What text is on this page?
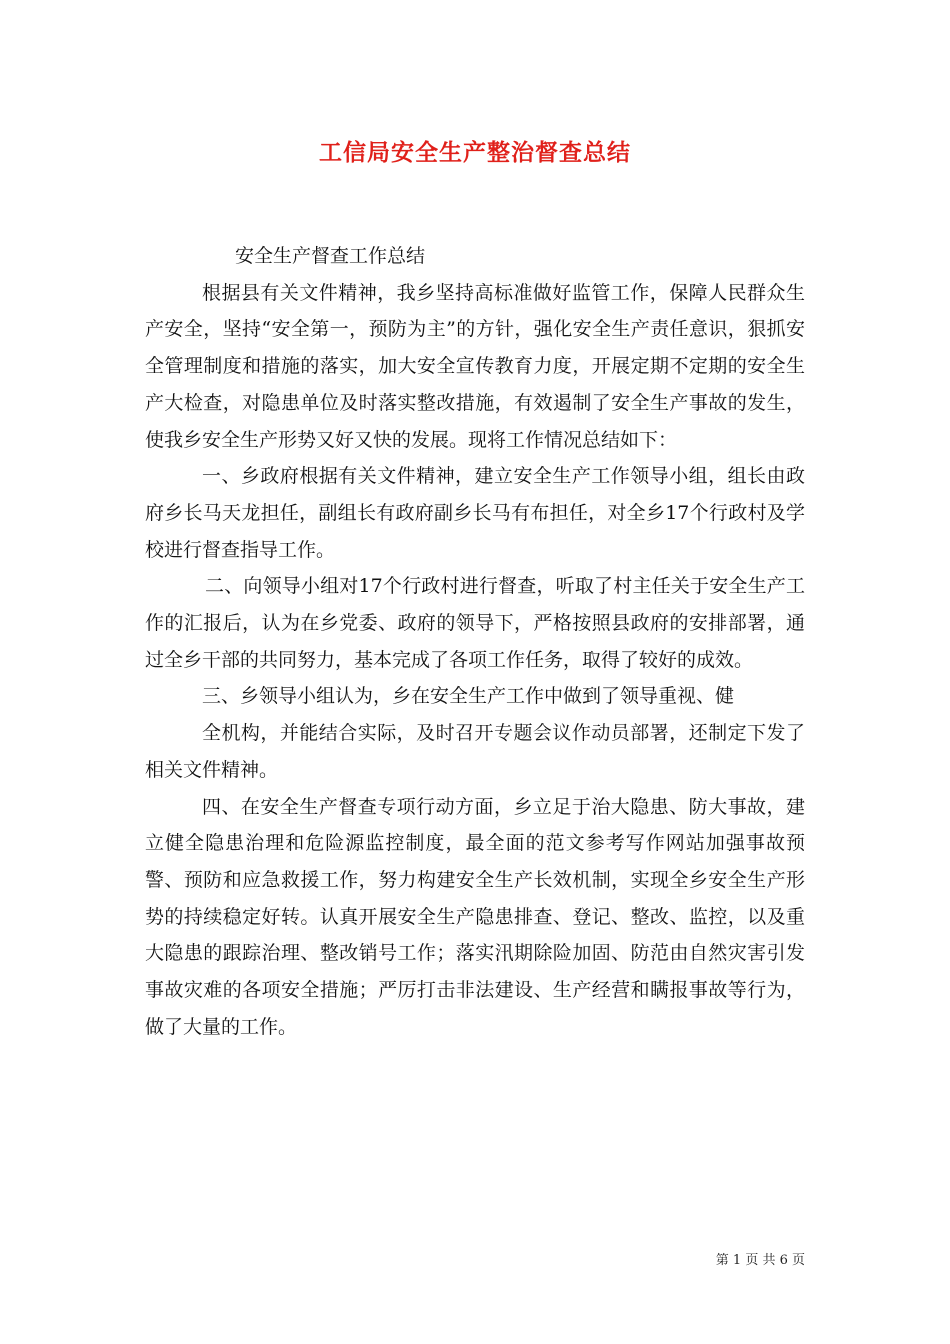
工信局安全生产整治督查总结

安全生产督查工作总结

根据县有关文件精神，我乡坚持高标准做好监管工作，保障人民群众生产安全，坚持“安全第一，预防为主”的方针，强化安全生产责任意识，狠抓安全管理制度和措施的落实，加大安全宣传教育力度，开展定期不定期的安全生产大检查，对隐患单位及时落实整改措施，有效遏制了安全生产事故的发生，使我乡安全生产形势又好又快的发展。现将工作情况总结如下：

一、乡政府根据有关文件精神，建立安全生产工作领导小组，组长由政府乡长马天龙担任，副组长有政府副乡长马有布担任，对全乡17个行政村及学校进行督查指导工作。

二、向领导小组对17个行政村进行督查，听取了村主任关于安全生产工作的汇报后，认为在乡党委、政府的领导下，严格按照县政府的安排部署，通过全乡干部的共同努力，基本完成了各项工作任务，取得了较好的成效。

三、乡领导小组认为，乡在安全生产工作中做到了领导重视、健

全机构，并能结合实际，及时召开专题会议作动员部署，还制定下发了相关文件精神。

四、在安全生产督查专项行动方面，乡立足于治大隐患、防大事故，建立健全隐患治理和危险源监控制度，最全面的范文参考写作网站加强事故预警、预防和应急救援工作，努力构建安全生产长效机制，实现全乡安全生产形势的持续稳定好转。认真开展安全生产隐患排查、登记、整改、监控，以及重大隐患的跟踪治理、整改销号工作；落实汛期除险加固、防范由自然灾害引发事故灾难的各项安全措施；严厉打击非法建设、生产经营和瞒报事故等行为，做了大量的工作。

第 1 页 共 6 页
